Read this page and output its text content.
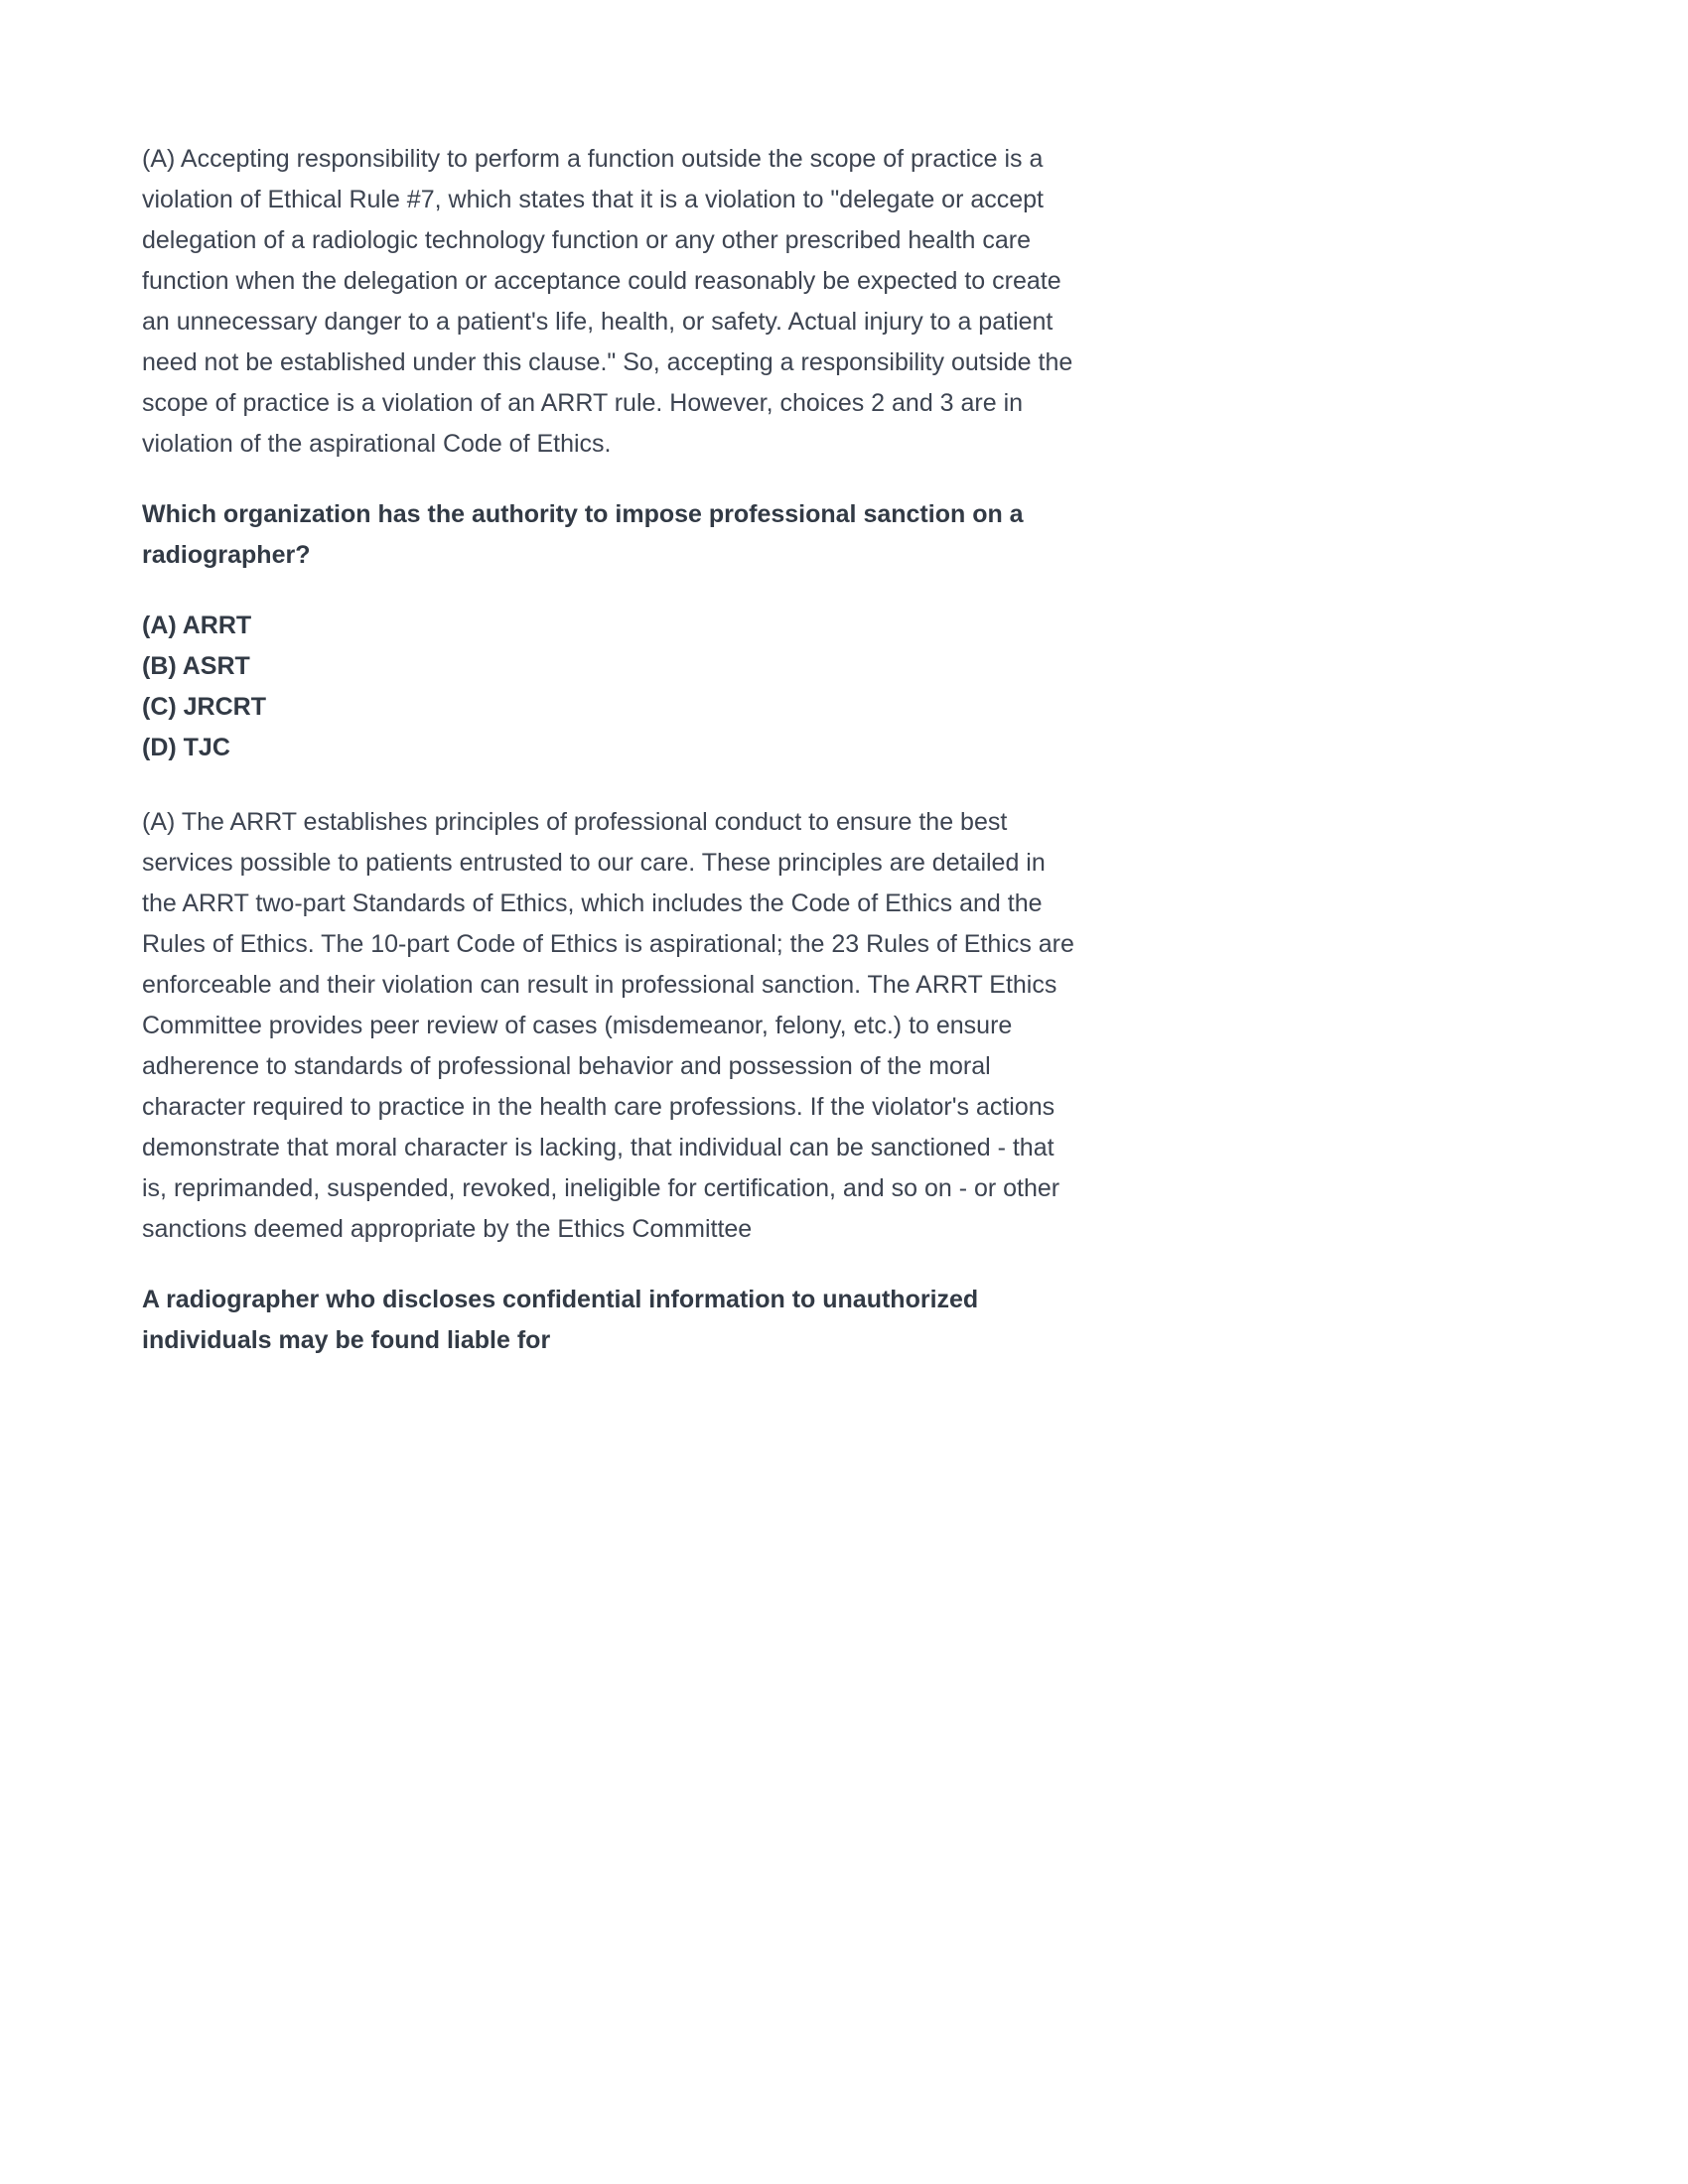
(A) Accepting responsibility to perform a function outside the scope of practice is a violation of Ethical Rule #7, which states that it is a violation to "delegate or accept delegation of a radiologic technology function or any other prescribed health care function when the delegation or acceptance could reasonably be expected to create an unnecessary danger to a patient's life, health, or safety. Actual injury to a patient need not be established under this clause." So, accepting a responsibility outside the scope of practice is a violation of an ARRT rule. However, choices 2 and 3 are in violation of the aspirational Code of Ethics.

Which organization has the authority to impose professional sanction on a radiographer?

(A) ARRT
(B) ASRT
(C) JRCRT
(D) TJC

(A) The ARRT establishes principles of professional conduct to ensure the best services possible to patients entrusted to our care. These principles are detailed in the ARRT two-part Standards of Ethics, which includes the Code of Ethics and the Rules of Ethics. The 10-part Code of Ethics is aspirational; the 23 Rules of Ethics are enforceable and their violation can result in professional sanction. The ARRT Ethics Committee provides peer review of cases (misdemeanor, felony, etc.) to ensure adherence to standards of professional behavior and possession of the moral character required to practice in the health care professions. If the violator's actions demonstrate that moral character is lacking, that individual can be sanctioned - that is, reprimanded, suspended, revoked, ineligible for certification, and so on - or other sanctions deemed appropriate by the Ethics Committee

A radiographer who discloses confidential information to unauthorized individuals may be found liable for
